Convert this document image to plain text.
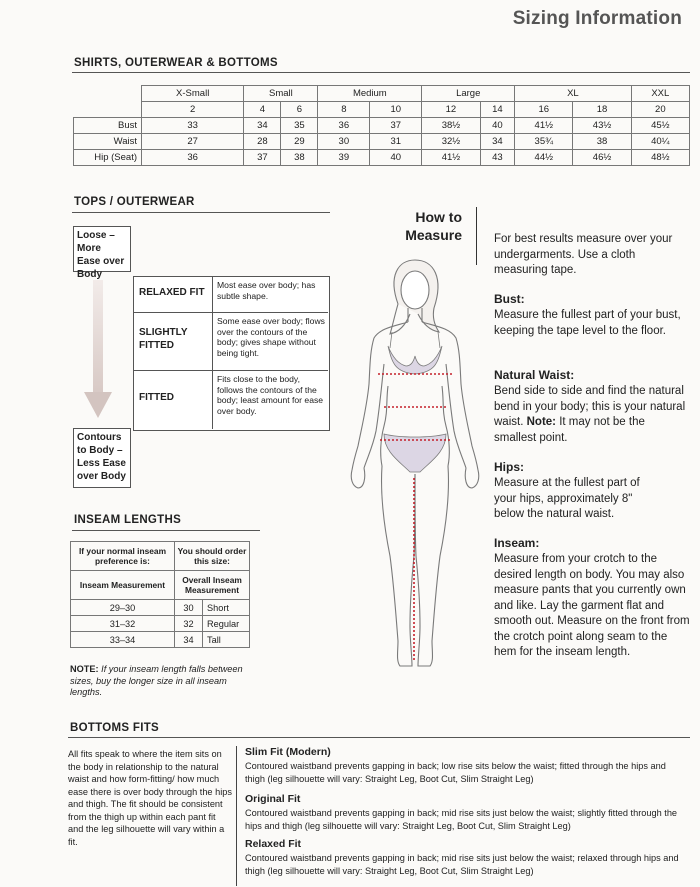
Sizing Information
SHIRTS, OUTERWEAR & BOTTOMS
	X-Small	Small		Medium		Large		XL		XXL
	2	4	6	8	10	12	14	16	18	20
Bust	33	34	35	36	37	38½	40	41½	43½	45½
Waist	27	28	29	30	31	32½	34	35¾	38	40¼
Hip (Seat)	36	37	38	39	40	41½	43	44½	46½	48½
TOPS / OUTERWEAR
Loose – More Ease over Body
Contours to Body – Less Ease over Body
RELAXED FIT
Most ease over body; has subtle shape.
SLIGHTLY FITTED
Some ease over body; flows over the contours of the body; gives shape without being tight.
FITTED
Fits close to the body, follows the contours of the body; least amount for ease over body.
INSEAM LENGTHS
If your normal inseam preference is:	You should order this size:	
Inseam Measurement	Overall Inseam Measurement	
29–30	30	Short
31–32	32	Regular
33–34	34	Tall
NOTE: If your inseam length falls between sizes, buy the longer size in all inseam lengths.
How to Measure	For best results measure over your undergarments. Use a cloth measuring tape.
Bust:
Measure the fullest part of your bust, keeping the tape level to the floor.
Natural Waist:
Bend side to side and find the natural bend in your body; this is your natural waist. Note: It may not be the smallest point.
Hips:
Measure at the fullest part of your hips, approximately 8" below the natural waist.
Inseam:
Measure from your crotch to the desired length on body. You may also measure pants that you currently own and like. Lay the garment flat and smooth out. Measure on the front from the crotch point along seam to the hem for the inseam length.
BOTTOMS FITS
All fits speak to where the item sits on the body in relationship to the natural waist and how form-fitting/ how much ease there is over body through the hips and thigh. The fit should be consistent from the thigh up within each pant fit and the leg silhouette will vary within a fit.
Slim Fit (Modern)
Contoured waistband prevents gapping in back; low rise sits below the waist; fitted through the hips and thigh (leg silhouette will vary: Straight Leg, Boot Cut, Slim Straight Leg)
Original Fit
Contoured waistband prevents gapping in back; mid rise sits just below the waist; slightly fitted through the hips and thigh (leg silhouette will vary: Straight Leg, Boot Cut, Slim Straight Leg)
Relaxed Fit
Contoured waistband prevents gapping in back; mid rise sits just below the waist; relaxed through hips and thigh (leg silhouette will vary: Straight Leg, Boot Cut, Slim Straight Leg)
